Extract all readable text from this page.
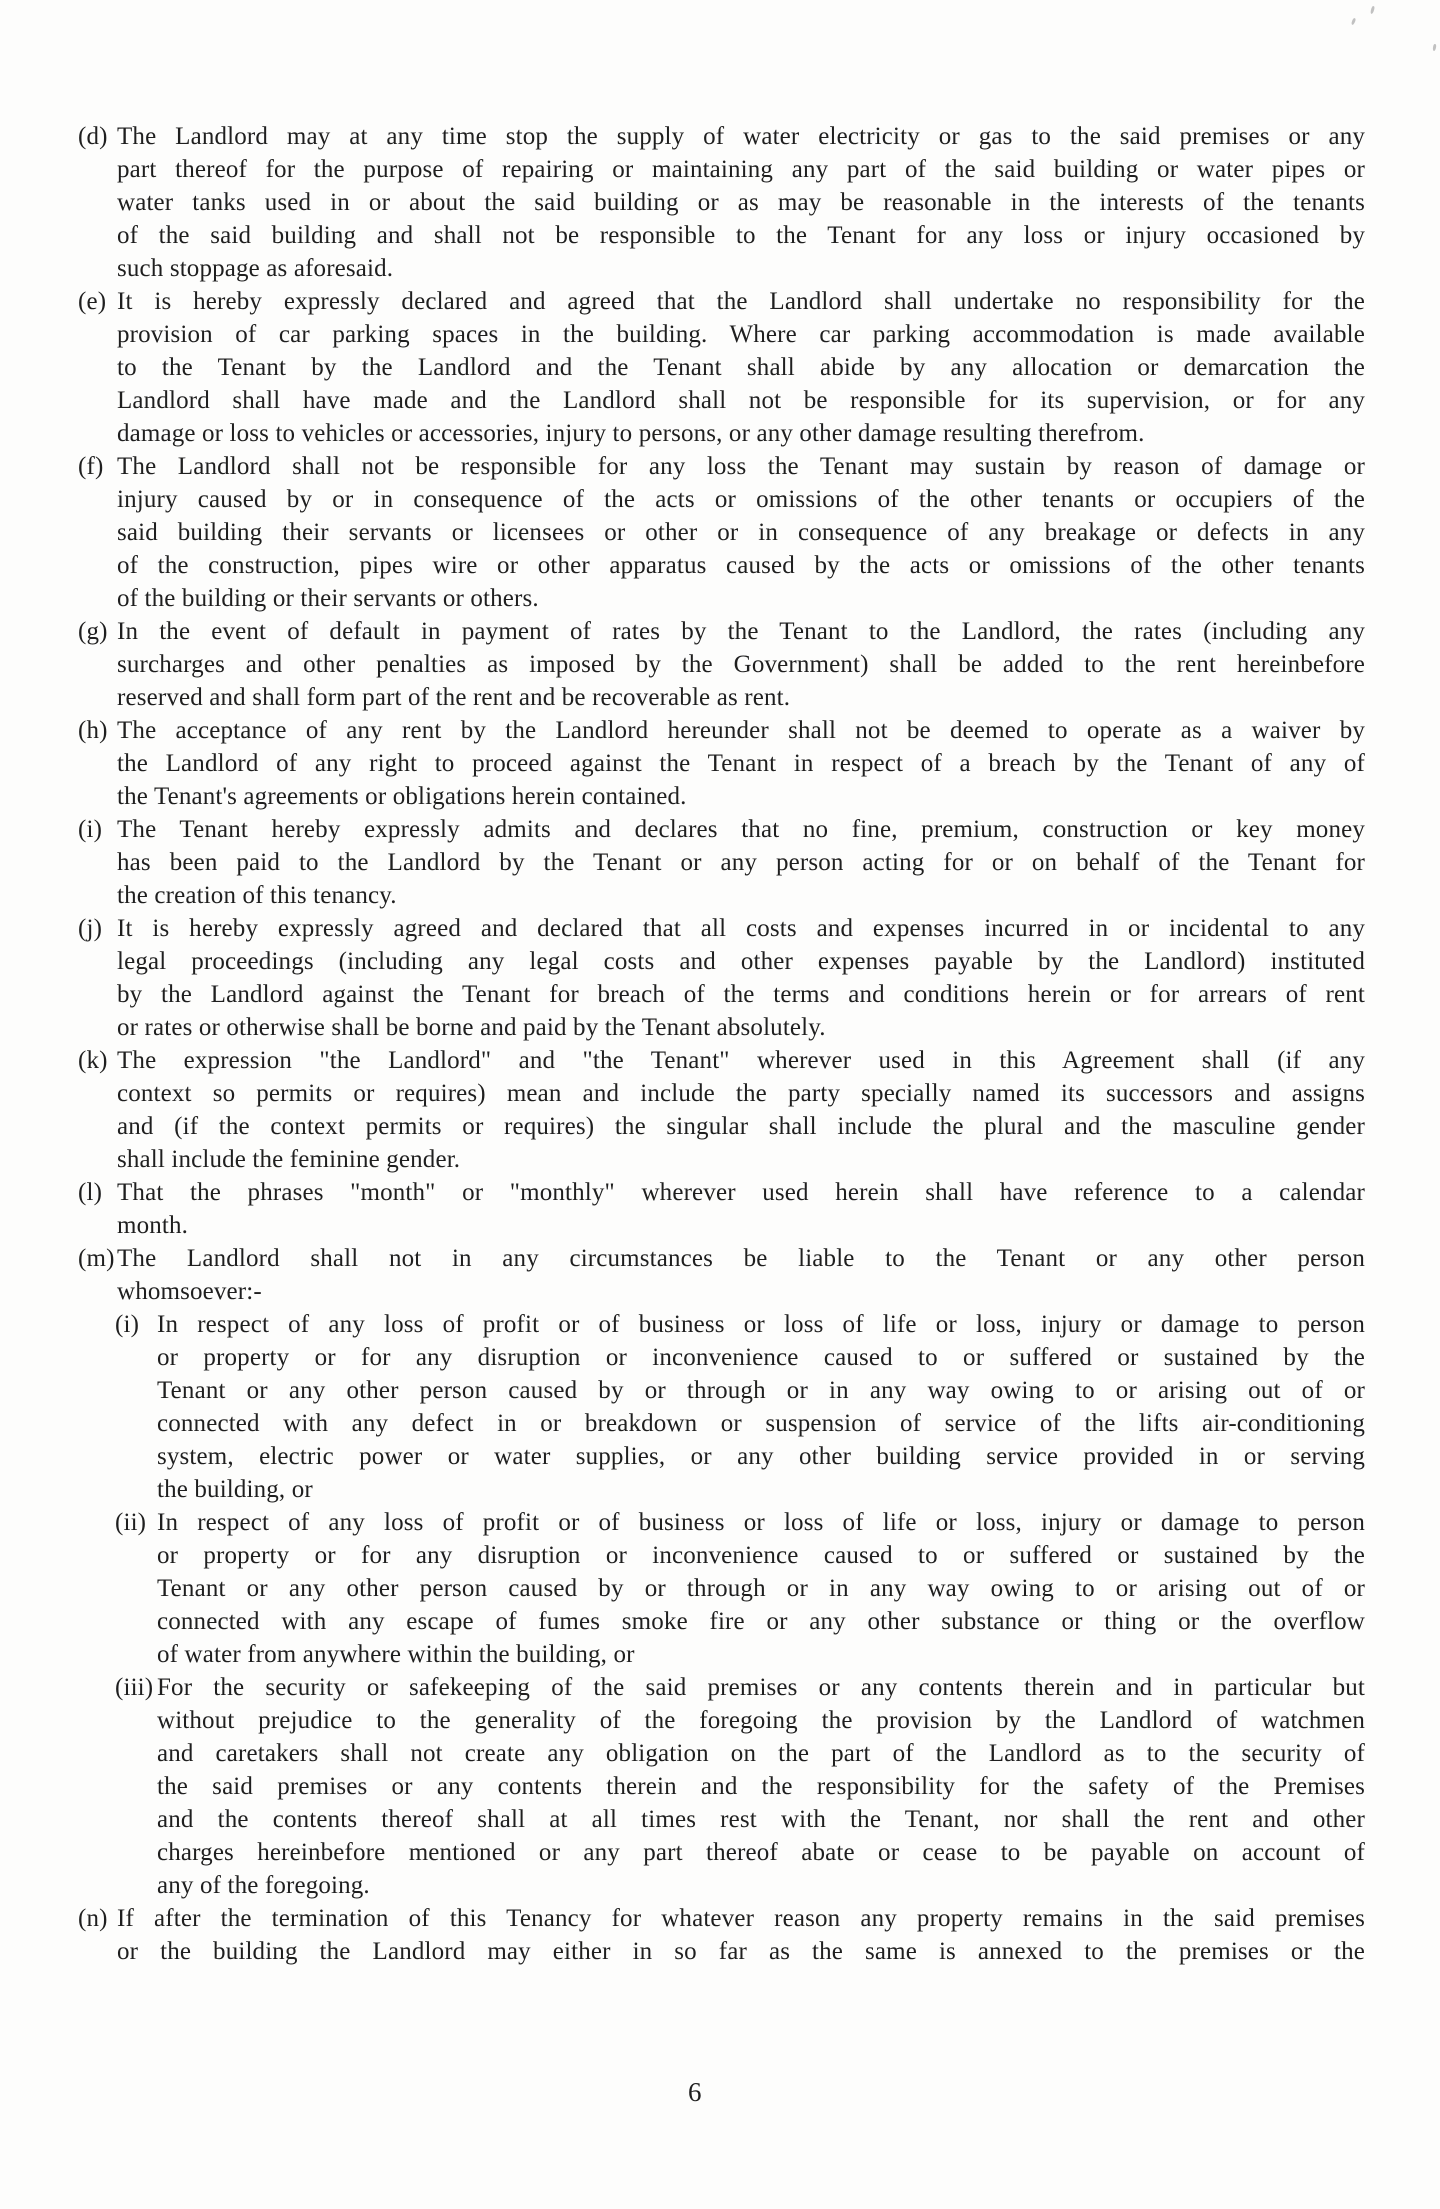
(d) The Landlord may at any time stop the supply of water electricity or gas to the said premises or any
part thereof for the purpose of repairing or maintaining any part of the said building or water pipes or
water tanks used in or about the said building or as may be reasonable in the interests of the tenants
of the said building and shall not be responsible to the Tenant for any loss or injury occasioned by
such stoppage as aforesaid.
(e) It is hereby expressly declared and agreed that the Landlord shall undertake no responsibility for the
provision of car parking spaces in the building. Where car parking accommodation is made available
to the Tenant by the Landlord and the Tenant shall abide by any allocation or demarcation the
Landlord shall have made and the Landlord shall not be responsible for its supervision, or for any
damage or loss to vehicles or accessories, injury to persons, or any other damage resulting therefrom.
(f) The Landlord shall not be responsible for any loss the Tenant may sustain by reason of damage or
injury caused by or in consequence of the acts or omissions of the other tenants or occupiers of the
said building their servants or licensees or other or in consequence of any breakage or defects in any
of the construction, pipes wire or other apparatus caused by the acts or omissions of the other tenants
of the building or their servants or others.
(g) In the event of default in payment of rates by the Tenant to the Landlord, the rates (including any
surcharges and other penalties as imposed by the Government) shall be added to the rent hereinbefore
reserved and shall form part of the rent and be recoverable as rent.
(h) The acceptance of any rent by the Landlord hereunder shall not be deemed to operate as a waiver by
the Landlord of any right to proceed against the Tenant in respect of a breach by the Tenant of any of
the Tenant's agreements or obligations herein contained.
(i) The Tenant hereby expressly admits and declares that no fine, premium, construction or key money
has been paid to the Landlord by the Tenant or any person acting for or on behalf of the Tenant for
the creation of this tenancy.
(j) It is hereby expressly agreed and declared that all costs and expenses incurred in or incidental to any
legal proceedings (including any legal costs and other expenses payable by the Landlord) instituted
by the Landlord against the Tenant for breach of the terms and conditions herein or for arrears of rent
or rates or otherwise shall be borne and paid by the Tenant absolutely.
(k) The expression "the Landlord" and "the Tenant" wherever used in this Agreement shall (if any
context so permits or requires) mean and include the party specially named its successors and assigns
and (if the context permits or requires) the singular shall include the plural and the masculine gender
shall include the feminine gender.
(l) That the phrases "month" or "monthly" wherever used herein shall have reference to a calendar
month.
(m) The Landlord shall not in any circumstances be liable to the Tenant or any other person
whomsoever:-
(i) In respect of any loss of profit or of business or loss of life or loss, injury or damage to person
or property or for any disruption or inconvenience caused to or suffered or sustained by the
Tenant or any other person caused by or through or in any way owing to or arising out of or
connected with any defect in or breakdown or suspension of service of the lifts air-conditioning
system, electric power or water supplies, or any other building service provided in or serving
the building, or
(ii) In respect of any loss of profit or of business or loss of life or loss, injury or damage to person
or property or for any disruption or inconvenience caused to or suffered or sustained by the
Tenant or any other person caused by or through or in any way owing to or arising out of or
connected with any escape of fumes smoke fire or any other substance or thing or the overflow
of water from anywhere within the building, or
(iii) For the security or safekeeping of the said premises or any contents therein and in particular but
without prejudice to the generality of the foregoing the provision by the Landlord of watchmen
and caretakers shall not create any obligation on the part of the Landlord as to the security of
the said premises or any contents therein and the responsibility for the safety of the Premises
and the contents thereof shall at all times rest with the Tenant, nor shall the rent and other
charges hereinbefore mentioned or any part thereof abate or cease to be payable on account of
any of the foregoing.
(n) If after the termination of this Tenancy for whatever reason any property remains in the said premises
or the building the Landlord may either in so far as the same is annexed to the premises or the
6
